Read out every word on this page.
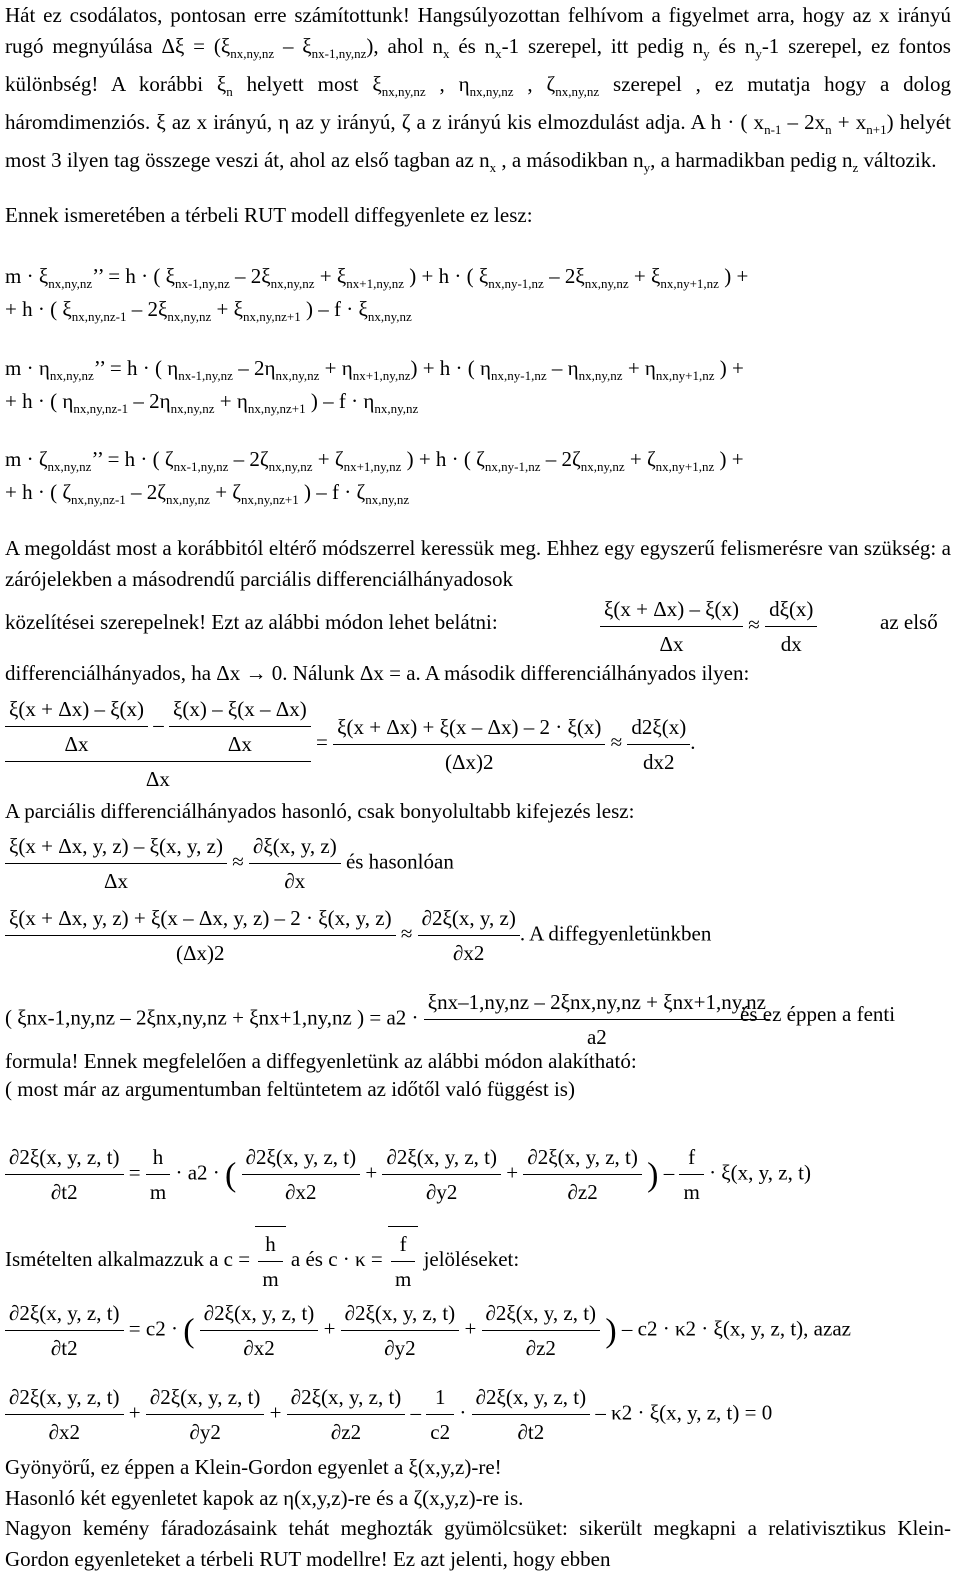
Hát ez csodálatos, pontosan erre számítottunk! Hangsúlyozottan felhívom a figyelmet arra, hogy az x irányú rugó megnyúlása $\Delta\xi = (\xi_{nx,ny,nz} - \xi_{nx-1,ny,nz})$, ahol $n_x$ és $n_x-1$ szerepel, itt pedig $n_y$ és $n_y-1$ szerepel, ez fontos különbség! A korábbi $\xi_n$ helyett most $\xi_{nx,ny,nz}$ , $\eta_{nx,ny,nz}$ , $\zeta_{nx,ny,nz}$ szerepel , ez mutatja hogy a dolog háromdimenziós. ξ az x irányú, η az y irányú, ζ a z irányú kis elmozdulást adja. A h · ( $x_{n-1} - 2x_n + x_{n+1}$) helyét most 3 ilyen tag összege veszi át, ahol az első tagban az $n_x$ , a másodikban $n_y$, a harmadikban pedig $n_z$ változik.
Ennek ismeretében a térbeli RUT modell diffegyenlete ez lesz:
$m \cdot \xi_{nx,ny,nz}$’’ = h · ( $\xi_{nx-1,ny,nz} - 2\xi_{nx,ny,nz} + \xi_{nx+1,ny,nz}$ ) + h · ( $\xi_{nx,ny-1,nz} - 2\xi_{nx,ny,nz} + \xi_{nx,ny+1,nz}$ ) +
+ h · ( $\xi_{nx,ny,nz-1} - 2\xi_{nx,ny,nz} + \xi_{nx,ny,nz+1}$ ) – $f \cdot \xi_{nx,ny,nz}$
$m \cdot \eta_{nx,ny,nz}$’’ = h · ( $\eta_{nx-1,ny,nz} - 2\eta_{nx,ny,nz} + \eta_{nx+1,ny,nz}) + h$ · ( $\eta_{nx,ny-1,nz} - \eta_{nx,ny,nz} + \eta_{nx,ny+1,nz}$ ) +
+ h · ( $\eta_{nx,ny,nz-1} - 2\eta_{nx,ny,nz} + \eta_{nx,ny,nz+1}$ ) – $f \cdot \eta_{nx,ny,nz}$
$m \cdot \zeta_{nx,ny,nz}$’’ = h · ( $\zeta_{nx-1,ny,nz} - 2\zeta_{nx,ny,nz} + \zeta_{nx+1,ny,nz}$ ) + h · ( $\zeta_{nx,ny-1,nz} - 2\zeta_{nx,ny,nz} + \zeta_{nx,ny+1,nz}$ ) +
+ h · ( $\zeta_{nx,ny,nz-1} - 2\zeta_{nx,ny,nz} + \zeta_{nx,ny,nz+1}$ ) – $f \cdot \zeta_{nx,ny,nz}$
A megoldást most a korábbitól eltérő módszerrel keressük meg. Ehhez egy egyszerű felismerésre van szükség: a zárójelekben a másodrendű parciális differenciálhányadosok
közelítései szerepelnek! Ezt az alábbi módon lehet belátni:	$\frac{\xi(x + \Delta x) - \xi(x)}{\Delta x} \approx \frac{d\xi(x)}{dx}$	az első
differenciálhányados, ha Δx → 0. Nálunk Δx = a. A második differenciálhányados ilyen:
$\frac{\frac{\xi(x + \Delta x) - \xi(x)}{\Delta x} - \frac{\xi(x) - \xi(x - \Delta x)}{\Delta x}}{\Delta x} = \frac{\xi(x + \Delta x) + \xi(x - \Delta x) - 2 \cdot \xi(x)}{(\Delta x)2} \approx \frac{d2\xi(x)}{dx2}$ .
A parciális differenciálhányados hasonló, csak bonyolultabb kifejezés lesz:
$\frac{\xi(x + \Delta x, y, z) - \xi(x, y, z)}{\Delta x} \approx \frac{\partial\xi(x, y, z)}{\partial x}$ és hasonlóan
$\frac{\xi(x + \Delta x, y, z) + \xi(x - \Delta x, y, z) - 2 \cdot \xi(x, y, z)}{(\Delta x)2} \approx \frac{\partial 2\xi(x, y, z)}{\partial x2}$ . A diffegyenletünkben
( ξnx-1,ny,nz – 2ξnx,ny,nz + ξnx+1,ny,nz ) = $a2 \cdot \frac{\text{ξnx–1,ny,nz – 2ξnx,ny,nz + ξnx+1,ny,nz}}{a2}$
és ez éppen a fenti
formula! Ennek megfelelően a diffegyenletünk az alábbi módon alakítható:
( most már az argumentumban feltüntetem az időtől való függést is)
$\frac{\partial 2\xi(x, y, z, t)}{\partial t2} = \frac{h}{m} \cdot a2$ · ( $\frac{\partial 2\xi(x, y, z, t)}{\partial x2} + \frac{\partial 2\xi(x, y, z, t)}{\partial y2} + \frac{\partial 2\xi(x, y, z, t)}{\partial z2}$ ) – $\frac{f}{m} \cdot \xi(x$, y, z, t)
Ismételten alkalmazzuk a $c = \frac{h}{m}$ a és $c \cdot \kappa = \frac{f}{m}$ jelöléseket:
$\frac{\partial 2\xi(x, y, z, t)}{\partial t2} = c2$ · ( $\frac{\partial 2\xi(x, y, z, t)}{\partial x2} + \frac{\partial 2\xi(x, y, z, t)}{\partial y2} + \frac{\partial 2\xi(x, y, z, t)}{\partial z2}$ ) – c2 · κ2 · ξ(x, y, z, t), azaz
$\frac{\partial 2\xi(x, y, z, t)}{\partial x2} + \frac{\partial 2\xi(x, y, z, t)}{\partial y2} + \frac{\partial 2\xi(x, y, z, t)}{\partial z2} - \frac{1}{c2} \cdot \frac{\partial 2\xi(x, y, z, t)}{\partial t2} - \kappa 2 \cdot \xi(x$, y, z, t) = 0
Gyönyörű, ez éppen a Klein-Gordon egyenlet a ξ(x,y,z)-re!
Hasonló két egyenletet kapok az η(x,y,z)-re és a ζ(x,y,z)-re is.
Nagyon kemény fáradozásaink tehát meghozták gyümölcsüket: sikerült megkapni a relativisztikus Klein-Gordon egyenleteket a térbeli RUT modellre! Ez azt jelenti, hogy ebben
